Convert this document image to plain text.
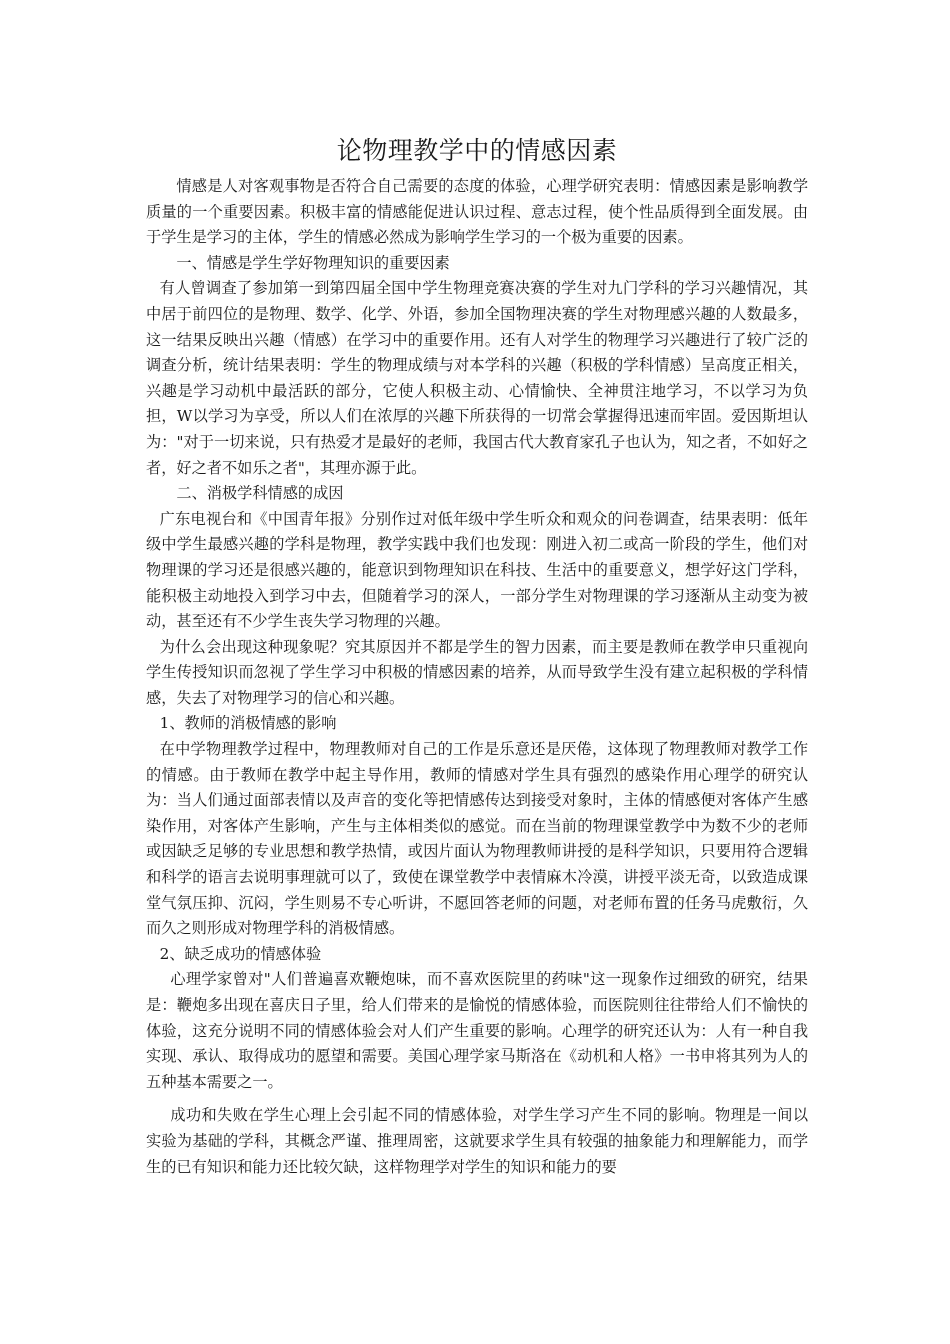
论物理教学中的情感因素

情感是人对客观事物是否符合自己需要的态度的体验，心理学研究表明：情感因素是影响教学质量的一个重要因素。积极丰富的情感能促进认识过程、意志过程，使个性品质得到全面发展。由于学生是学习的主体，学生的情感必然成为影响学生学习的一个极为重要的因素。

一、情感是学生学好物理知识的重要因素

有人曾调查了参加第一到第四届全国中学生物理竞赛决赛的学生对九门学科的学习兴趣情况，其中居于前四位的是物理、数学、化学、外语，参加全国物理决赛的学生对物理感兴趣的人数最多，这一结果反映出兴趣（情感）在学习中的重要作用。还有人对学生的物理学习兴趣进行了较广泛的调查分析，统计结果表明：学生的物理成绩与对本学科的兴趣（积极的学科情感）呈高度正相关，兴趣是学习动机中最活跃的部分，它使人积极主动、心情愉快、全神贯注地学习，不以学习为负担，W以学习为享受，所以人们在浓厚的兴趣下所获得的一切常会掌握得迅速而牢固。爱因斯坦认为："对于一切来说，只有热爱才是最好的老师，我国古代大教育家孔子也认为，知之者，不如好之者，好之者不如乐之者"，其理亦源于此。

二、消极学科情感的成因

广东电视台和《中国青年报》分别作过对低年级中学生听众和观众的问卷调查，结果表明：低年级中学生最感兴趣的学科是物理，教学实践中我们也发现：刚进入初二或高一阶段的学生，他们对物理课的学习还是很感兴趣的，能意识到物理知识在科技、生活中的重要意义，想学好这门学科，能积极主动地投入到学习中去，但随着学习的深人，一部分学生对物理课的学习逐渐从主动变为被动，甚至还有不少学生丧失学习物理的兴趣。

为什么会出现这种现象呢？究其原因并不都是学生的智力因素，而主要是教师在教学申只重视向学生传授知识而忽视了学生学习中积极的情感因素的培养，从而导致学生没有建立起积极的学科情感，失去了对物理学习的信心和兴趣。

1、教师的消极情感的影响

在中学物理教学过程中，物理教师对自己的工作是乐意还是厌倦，这体现了物理教师对教学工作的情感。由于教师在教学中起主导作用，教师的情感对学生具有强烈的感染作用心理学的研究认为：当人们通过面部表情以及声音的变化等把情感传达到接受对象时，主体的情感便对客体产生感染作用，对客体产生影响，产生与主体相类似的感觉。而在当前的物理课堂教学中为数不少的老师或因缺乏足够的专业思想和教学热情，或因片面认为物理教师讲授的是科学知识，只要用符合逻辑和科学的语言去说明事理就可以了，致使在课堂教学中表情麻木冷漠，讲授平淡无奇，以致造成课堂气氛压抑、沉闷，学生则易不专心听讲，不愿回答老师的问题，对老师布置的任务马虎敷衍，久而久之则形成对物理学科的消极情感。

2、缺乏成功的情感体验

心理学家曾对"人们普遍喜欢鞭炮味，而不喜欢医院里的药味"这一现象作过细致的研究，结果是：鞭炮多出现在喜庆日子里，给人们带来的是愉悦的情感体验，而医院则往往带给人们不愉快的体验，这充分说明不同的情感体验会对人们产生重要的影响。心理学的研究还认为：人有一种自我实现、承认、取得成功的愿望和需要。美国心理学家马斯洛在《动机和人格》一书申将其列为人的五种基本需要之一。

成功和失败在学生心理上会引起不同的情感体验，对学生学习产生不同的影响。物理是一间以实验为基础的学科，其概念严谨、推理周密，这就要求学生具有较强的抽象能力和理解能力，而学生的已有知识和能力还比较欠缺，这样物理学对学生的知识和能力的要
